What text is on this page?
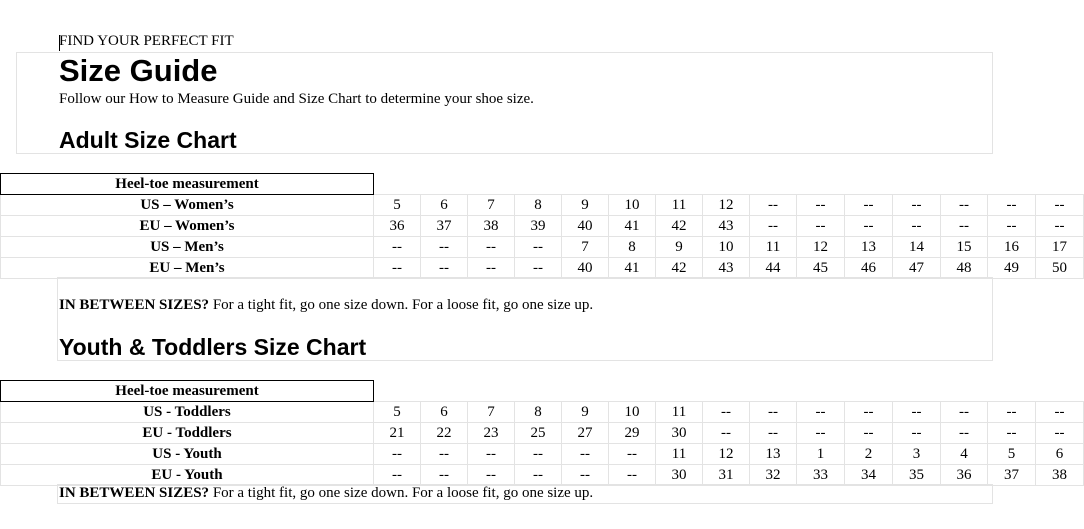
FIND YOUR PERFECT FIT
Size Guide
Follow our How to Measure Guide and Size Chart to determine your shoe size.
Adult Size Chart
Heel-toe measurement															
US – Women’s	5	6	7	8	9	10	11	12	--	--	--	--	--	--	--
EU – Women’s	36	37	38	39	40	41	42	43	--	--	--	--	--	--	--
US – Men’s	--	--	--	--	7	8	9	10	11	12	13	14	15	16	17
EU – Men’s	--	--	--	--	40	41	42	43	44	45	46	47	48	49	50
IN BETWEEN SIZES? For a tight fit, go one size down. For a loose fit, go one size up.
Youth & Toddlers Size Chart
Heel-toe measurement															
US - Toddlers	5	6	7	8	9	10	11	--	--	--	--	--	--	--	--
EU - Toddlers	21	22	23	25	27	29	30	--	--	--	--	--	--	--	--
US - Youth	--	--	--	--	--	--	11	12	13	1	2	3	4	5	6
EU - Youth	--	--	--	--	--	--	30	31	32	33	34	35	36	37	38
IN BETWEEN SIZES? For a tight fit, go one size down. For a loose fit, go one size up.
